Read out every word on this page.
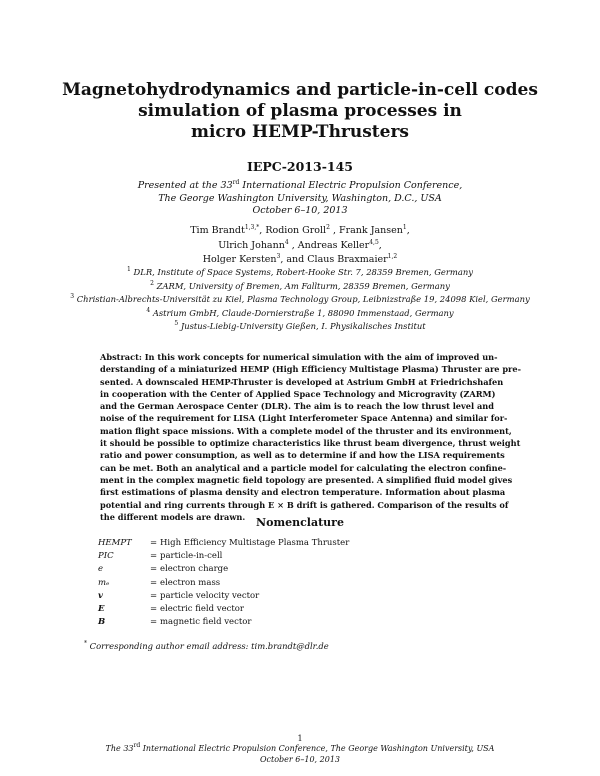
Magnetohydrodynamics and particle-in-cell codes
simulation of plasma processes in
micro HEMP-Thrusters
IEPC-2013-145
Presented at the 33rd International Electric Propulsion Conference,
The George Washington University, Washington, D.C., USA
October 6–10, 2013
Tim Brandt$^{1,3,*}$, Rodion Groll$^2$ , Frank Jansen$^1$,
Ulrich Johann$^4$ , Andreas Keller$^{4,5}$,
Holger Kersten$^3$, and Claus Braxmaier$^{1,2}$
$^1$ DLR, Institute of Space Systems, Robert-Hooke Str. 7, 28359 Bremen, Germany
$^2$ ZARM, University of Bremen, Am Fallturm, 28359 Bremen, Germany
$^3$ Christian-Albrechts-Universität zu Kiel, Plasma Technology Group, Leibnizstraße 19, 24098 Kiel, Germany
$^4$ Astrium GmbH, Claude-Dornierstraße 1, 88090 Immenstaad, Germany
$^5$ Justus-Liebig-University Gießen, I. Physikalisches Institut

Abstract: In this work concepts for numerical simulation with the aim of improved un-

derstanding of a miniaturized HEMP (High Efficiency Multistage Plasma) Thruster are pre-

sented. A downscaled HEMP-Thruster is developed at Astrium GmbH at Friedrichshafen

in cooperation with the Center of Applied Space Technology and Microgravity (ZARM)

and the German Aerospace Center (DLR). The aim is to reach the low thrust level and

noise of the requirement for LISA (Light Interferometer Space Antenna) and similar for-

mation flight space missions. With a complete model of the thruster and its environment,

it should be possible to optimize characteristics like thrust beam divergence, thrust weight

ratio and power consumption, as well as to determine if and how the LISA requirements

can be met. Both an analytical and a particle model for calculating the electron confine-

ment in the complex magnetic field topology are presented. A simplified fluid model gives

first estimations of plasma density and electron temperature. Information about plasma

potential and ring currents through E × B drift is gathered. Comparison of the results of

the different models are drawn. Nomenclature
HEMPT = High Efficiency Multistage Plasma Thruster
PIC	= particle-in-cell
e	= electron charge
mₑ	= electron mass
v	= particle velocity vector
E	= electric field vector
B	= magnetic field vector
* Corresponding author email address: tim.brandt@dlr.de
1
The 33rd International Electric Propulsion Conference, The George Washington University, USA
October 6–10, 2013
